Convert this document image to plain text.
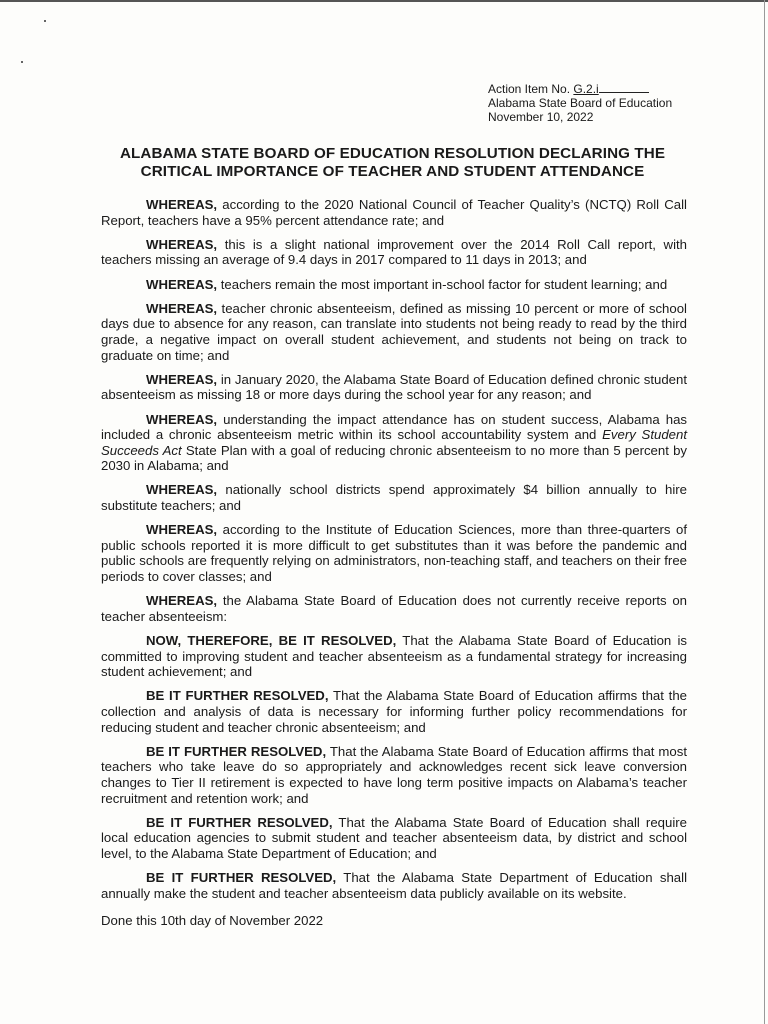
Action Item No. G.2.i
Alabama State Board of Education
November 10, 2022
ALABAMA STATE BOARD OF EDUCATION RESOLUTION DECLARING THE
CRITICAL IMPORTANCE OF TEACHER AND STUDENT ATTENDANCE

WHEREAS, according to the 2020 National Council of Teacher Quality’s (NCTQ) Roll Call Report, teachers have a 95% percent attendance rate; and

WHEREAS, this is a slight national improvement over the 2014 Roll Call report, with teachers missing an average of 9.4 days in 2017 compared to 11 days in 2013; and

WHEREAS, teachers remain the most important in-school factor for student learning; and

WHEREAS, teacher chronic absenteeism, defined as missing 10 percent or more of school days due to absence for any reason, can translate into students not being ready to read by the third grade, a negative impact on overall student achievement, and students not being on track to graduate on time; and

WHEREAS, in January 2020, the Alabama State Board of Education defined chronic student absenteeism as missing 18 or more days during the school year for any reason; and

WHEREAS, understanding the impact attendance has on student success, Alabama has included a chronic absenteeism metric within its school accountability system and Every Student Succeeds Act State Plan with a goal of reducing chronic absenteeism to no more than 5 percent by 2030 in Alabama; and

WHEREAS, nationally school districts spend approximately $4 billion annually to hire substitute teachers; and

WHEREAS, according to the Institute of Education Sciences, more than three-quarters of public schools reported it is more difficult to get substitutes than it was before the pandemic and public schools are frequently relying on administrators, non-teaching staff, and teachers on their free periods to cover classes; and

WHEREAS, the Alabama State Board of Education does not currently receive reports on teacher absenteeism:

NOW, THEREFORE, BE IT RESOLVED, That the Alabama State Board of Education is committed to improving student and teacher absenteeism as a fundamental strategy for increasing student achievement; and

BE IT FURTHER RESOLVED, That the Alabama State Board of Education affirms that the collection and analysis of data is necessary for informing further policy recommendations for reducing student and teacher chronic absenteeism; and

BE IT FURTHER RESOLVED, That the Alabama State Board of Education affirms that most teachers who take leave do so appropriately and acknowledges recent sick leave conversion changes to Tier II retirement is expected to have long term positive impacts on Alabama’s teacher recruitment and retention work; and

BE IT FURTHER RESOLVED, That the Alabama State Board of Education shall require local education agencies to submit student and teacher absenteeism data, by district and school level, to the Alabama State Department of Education; and

BE IT FURTHER RESOLVED, That the Alabama State Department of Education shall annually make the student and teacher absenteeism data publicly available on its website.

Done this 10th day of November 2022
